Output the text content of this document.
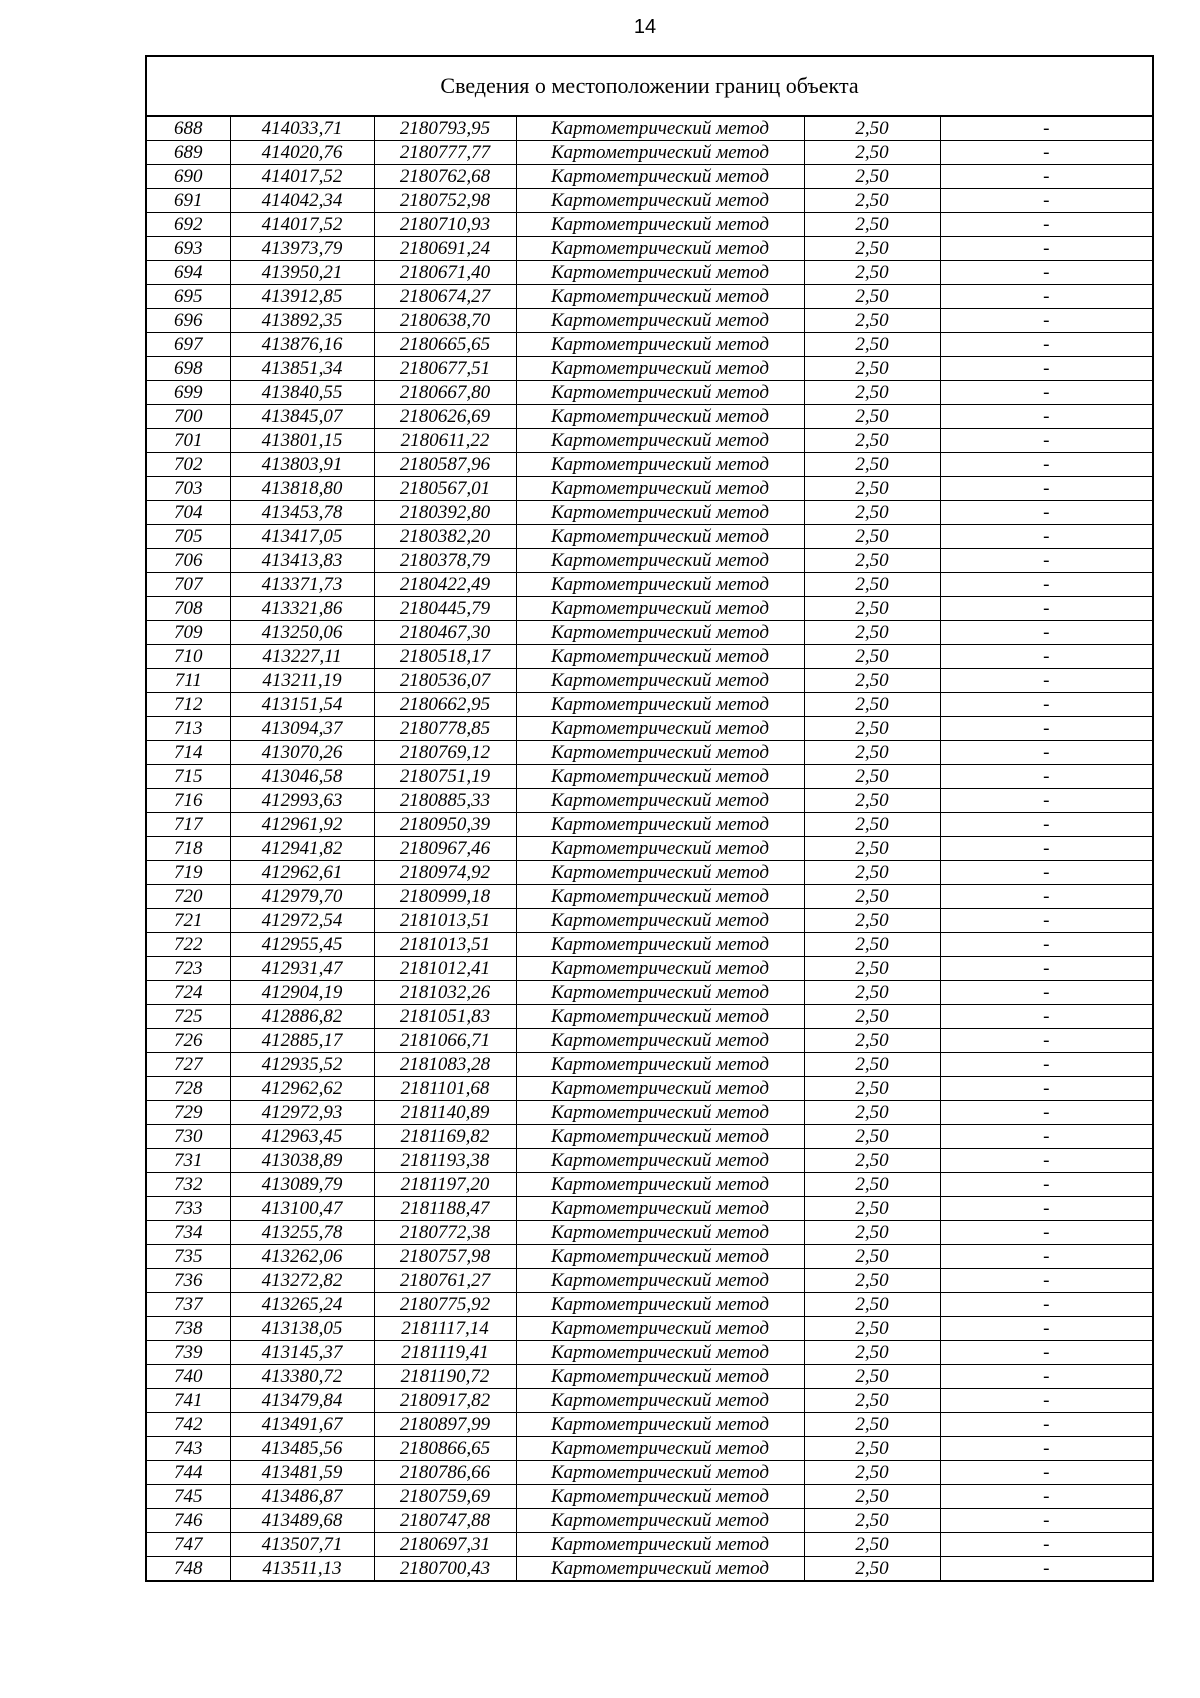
14
Сведения о местоположении границ объекта
688	414033,71	2180793,95	Картометрический метод	2,50	-
689	414020,76	2180777,77	Картометрический метод	2,50	-
690	414017,52	2180762,68	Картометрический метод	2,50	-
691	414042,34	2180752,98	Картометрический метод	2,50	-
692	414017,52	2180710,93	Картометрический метод	2,50	-
693	413973,79	2180691,24	Картометрический метод	2,50	-
694	413950,21	2180671,40	Картометрический метод	2,50	-
695	413912,85	2180674,27	Картометрический метод	2,50	-
696	413892,35	2180638,70	Картометрический метод	2,50	-
697	413876,16	2180665,65	Картометрический метод	2,50	-
698	413851,34	2180677,51	Картометрический метод	2,50	-
699	413840,55	2180667,80	Картометрический метод	2,50	-
700	413845,07	2180626,69	Картометрический метод	2,50	-
701	413801,15	2180611,22	Картометрический метод	2,50	-
702	413803,91	2180587,96	Картометрический метод	2,50	-
703	413818,80	2180567,01	Картометрический метод	2,50	-
704	413453,78	2180392,80	Картометрический метод	2,50	-
705	413417,05	2180382,20	Картометрический метод	2,50	-
706	413413,83	2180378,79	Картометрический метод	2,50	-
707	413371,73	2180422,49	Картометрический метод	2,50	-
708	413321,86	2180445,79	Картометрический метод	2,50	-
709	413250,06	2180467,30	Картометрический метод	2,50	-
710	413227,11	2180518,17	Картометрический метод	2,50	-
711	413211,19	2180536,07	Картометрический метод	2,50	-
712	413151,54	2180662,95	Картометрический метод	2,50	-
713	413094,37	2180778,85	Картометрический метод	2,50	-
714	413070,26	2180769,12	Картометрический метод	2,50	-
715	413046,58	2180751,19	Картометрический метод	2,50	-
716	412993,63	2180885,33	Картометрический метод	2,50	-
717	412961,92	2180950,39	Картометрический метод	2,50	-
718	412941,82	2180967,46	Картометрический метод	2,50	-
719	412962,61	2180974,92	Картометрический метод	2,50	-
720	412979,70	2180999,18	Картометрический метод	2,50	-
721	412972,54	2181013,51	Картометрический метод	2,50	-
722	412955,45	2181013,51	Картометрический метод	2,50	-
723	412931,47	2181012,41	Картометрический метод	2,50	-
724	412904,19	2181032,26	Картометрический метод	2,50	-
725	412886,82	2181051,83	Картометрический метод	2,50	-
726	412885,17	2181066,71	Картометрический метод	2,50	-
727	412935,52	2181083,28	Картометрический метод	2,50	-
728	412962,62	2181101,68	Картометрический метод	2,50	-
729	412972,93	2181140,89	Картометрический метод	2,50	-
730	412963,45	2181169,82	Картометрический метод	2,50	-
731	413038,89	2181193,38	Картометрический метод	2,50	-
732	413089,79	2181197,20	Картометрический метод	2,50	-
733	413100,47	2181188,47	Картометрический метод	2,50	-
734	413255,78	2180772,38	Картометрический метод	2,50	-
735	413262,06	2180757,98	Картометрический метод	2,50	-
736	413272,82	2180761,27	Картометрический метод	2,50	-
737	413265,24	2180775,92	Картометрический метод	2,50	-
738	413138,05	2181117,14	Картометрический метод	2,50	-
739	413145,37	2181119,41	Картометрический метод	2,50	-
740	413380,72	2181190,72	Картометрический метод	2,50	-
741	413479,84	2180917,82	Картометрический метод	2,50	-
742	413491,67	2180897,99	Картометрический метод	2,50	-
743	413485,56	2180866,65	Картометрический метод	2,50	-
744	413481,59	2180786,66	Картометрический метод	2,50	-
745	413486,87	2180759,69	Картометрический метод	2,50	-
746	413489,68	2180747,88	Картометрический метод	2,50	-
747	413507,71	2180697,31	Картометрический метод	2,50	-
748	413511,13	2180700,43	Картометрический метод	2,50	-
